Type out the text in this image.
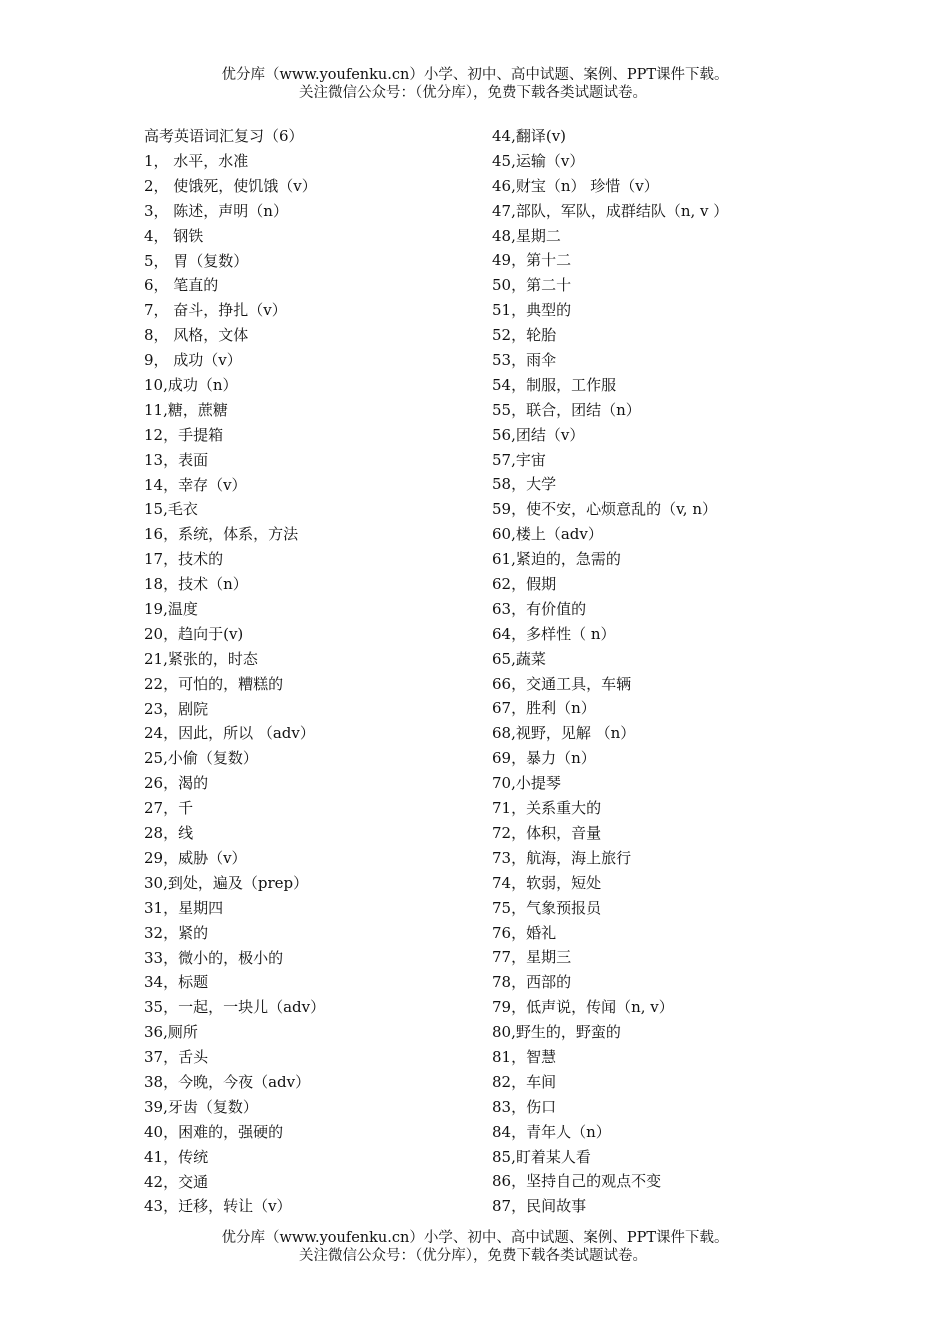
优分库（www.youfenku.cn）小学、初中、高中试题、案例、PPT课件下载。
关注微信公众号：（优分库），免费下载各类试题试卷。
高考英语词汇复习（6）
1， 水平，水准
2， 使饿死，使饥饿（v）
3， 陈述，声明（n）
4， 钢铁
5， 胃（复数）
6， 笔直的
7， 奋斗，挣扎（v）
8， 风格，文体
9， 成功（v）
10,成功（n）
11,糖，蔗糖
12，手提箱
13，表面
14，幸存（v）
15,毛衣
16，系统，体系，方法
17，技术的
18，技术（n）
19,温度
20，趋向于(v)
21,紧张的，时态
22，可怕的，糟糕的
23，剧院
24，因此，所以 （adv）
25,小偷（复数）
26，渴的
27，千
28，线
29，威胁（v）
30,到处，遍及（prep）
31，星期四
32，紧的
33，微小的，极小的
34，标题
35，一起，一块儿（adv）
36,厕所
37，舌头
38，今晚，今夜（adv）
39,牙齿（复数）
40，困难的，强硬的
41，传统
42，交通
43，迁移，转让（v）
44,翻译(v)
45,运输（v）
46,财宝（n） 珍惜（v）
47,部队，军队，成群结队（n, v ）
48,星期二
49，第十二
50，第二十
51，典型的
52，轮胎
53，雨伞
54，制服，工作服
55，联合，团结（n）
56,团结（v）
57,宇宙
58，大学
59，使不安，心烦意乱的（v, n）
60,楼上（adv）
61,紧迫的，急需的
62，假期
63，有价值的
64，多样性（ n）
65,蔬菜
66，交通工具，车辆
67，胜利（n）
68,视野，见解 （n）
69，暴力（n）
70,小提琴
71，关系重大的
72，体积，音量
73，航海，海上旅行
74，软弱，短处
75，气象预报员
76，婚礼
77，星期三
78，西部的
79，低声说，传闻（n, v）
80,野生的，野蛮的
81，智慧
82，车间
83，伤口
84，青年人（n）
85,盯着某人看
86，坚持自己的观点不变
87，民间故事
优分库（www.youfenku.cn）小学、初中、高中试题、案例、PPT课件下载。
关注微信公众号：（优分库），免费下载各类试题试卷。
